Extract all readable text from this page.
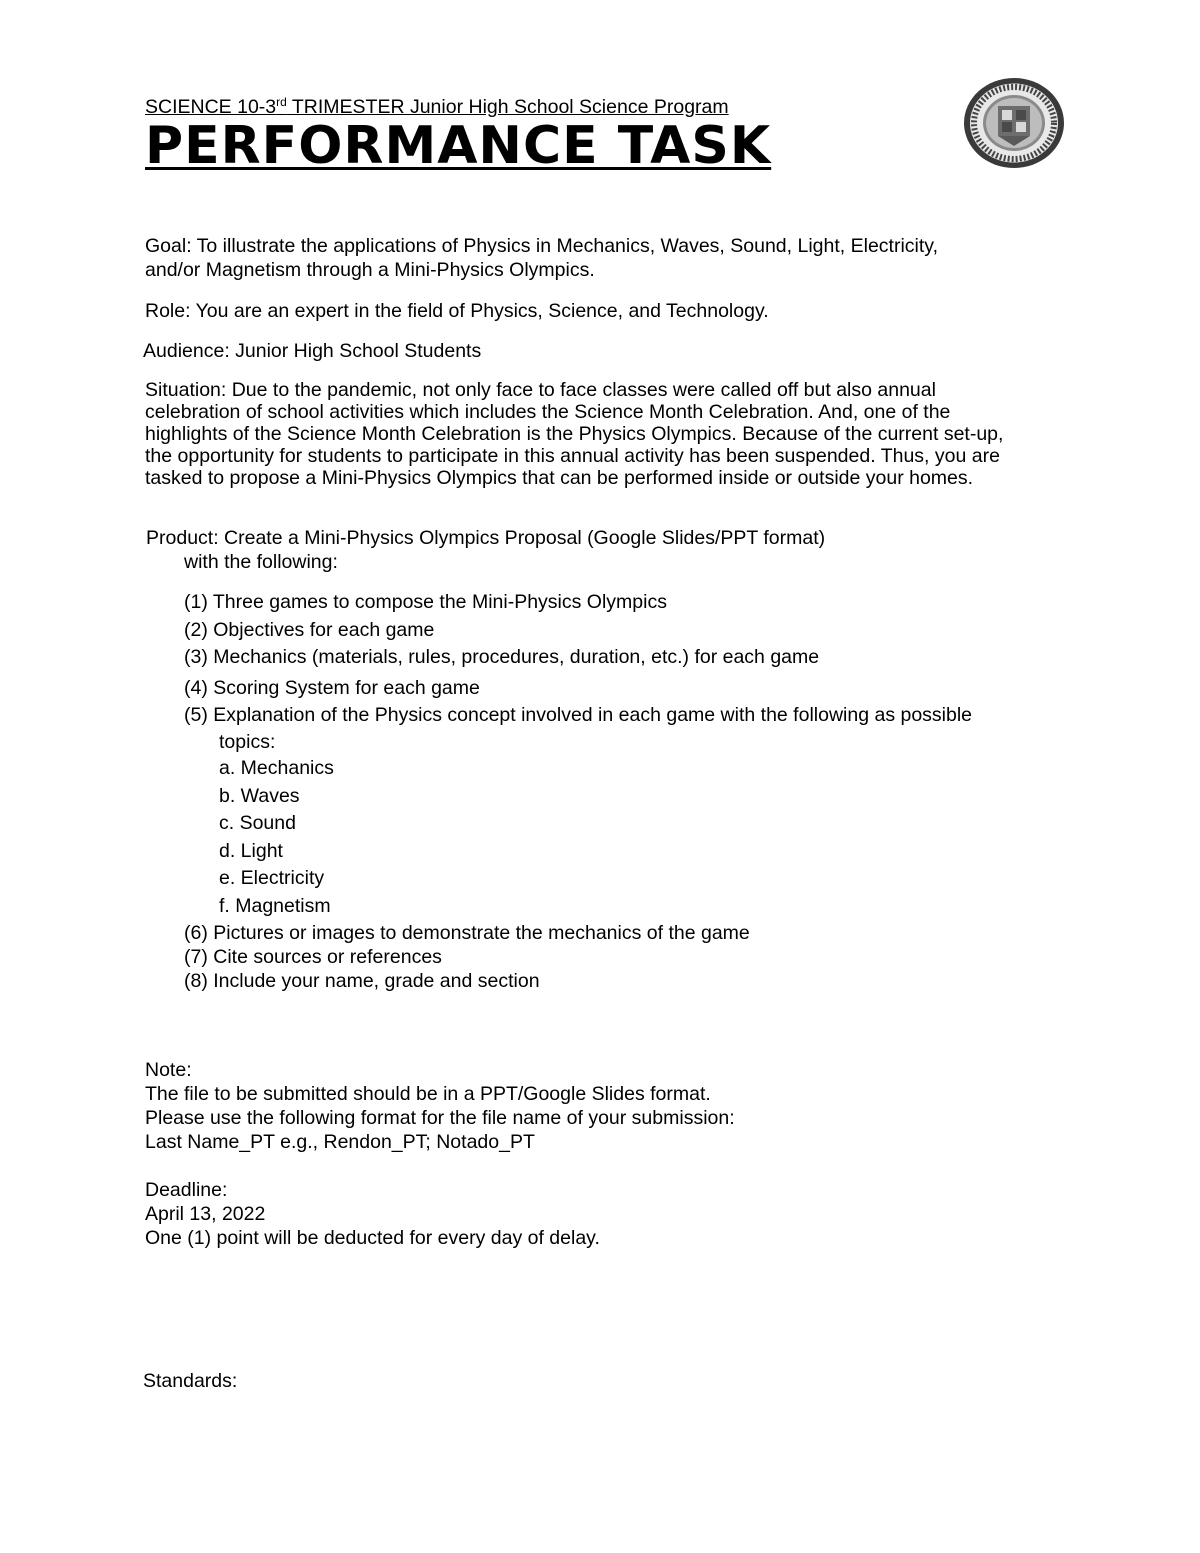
SCIENCE 10-3rd TRIMESTER Junior High School Science Program
PERFORMANCE TASK
Goal: To illustrate the applications of Physics in Mechanics, Waves, Sound, Light, Electricity,
and/or Magnetism through a Mini-Physics Olympics.
Role: You are an expert in the field of Physics, Science, and Technology.
Audience: Junior High School Students
Situation: Due to the pandemic, not only face to face classes were called off but also annual celebration of school activities which includes the Science Month Celebration. And, one of the highlights of the Science Month Celebration is the Physics Olympics. Because of the current set-up, the opportunity for students to participate in this annual activity has been suspended. Thus, you are tasked to propose a Mini-Physics Olympics that can be performed inside or outside your homes.
Product: Create a Mini-Physics Olympics Proposal (Google Slides/PPT format)
with the following:
(1) Three games to compose the Mini-Physics Olympics
(2) Objectives for each game
(3) Mechanics (materials, rules, procedures, duration, etc.) for each game
(4) Scoring System for each game
(5) Explanation of the Physics concept involved in each game with the following as possible
topics:
a. Mechanics
b. Waves
c. Sound
d. Light
e. Electricity
f. Magnetism
(6) Pictures or images to demonstrate the mechanics of the game
(7) Cite sources or references
(8) Include your name, grade and section
Note:
The file to be submitted should be in a PPT/Google Slides format.
Please use the following format for the file name of your submission:
Last Name_PT e.g., Rendon_PT; Notado_PT
Deadline:
April 13, 2022
One (1) point will be deducted for every day of delay.
Standards:
